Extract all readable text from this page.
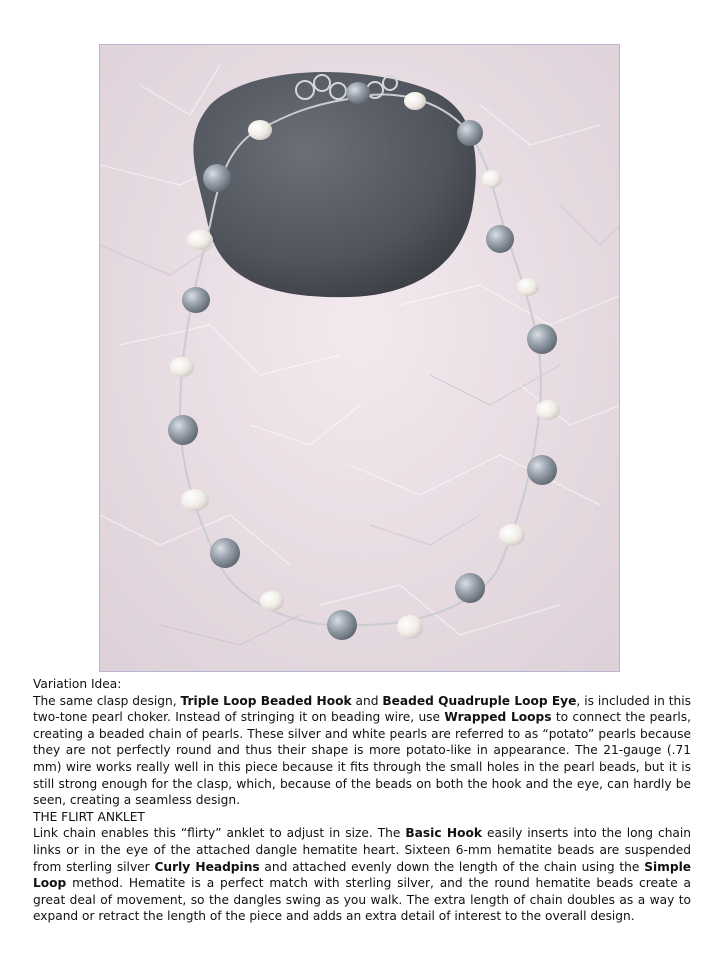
Variation Idea:

The same clasp design, Triple Loop Beaded Hook and Beaded Quadruple Loop Eye, is included in this two-tone pearl choker. Instead of stringing it on beading wire, use Wrapped Loops to connect the pearls, creating a beaded chain of pearls. These silver and white pearls are referred to as “potato” pearls because they are not perfectly round and thus their shape is more potato-like in appearance. The 21-gauge (.71 mm) wire works really well in this piece because it fits through the small holes in the pearl beads, but it is still strong enough for the clasp, which, because of the beads on both the hook and the eye, can hardly be seen, creating a seamless design.

THE FLIRT ANKLET

Link chain enables this “flirty” anklet to adjust in size. The Basic Hook easily inserts into the long chain links or in the eye of the attached dangle hematite heart. Sixteen 6-mm hematite beads are suspended from sterling silver Curly Headpins and attached evenly down the length of the chain using the Simple Loop method. Hematite is a perfect match with sterling silver, and the round hematite beads create a great deal of movement, so the dangles swing as you walk. The extra length of chain doubles as a way to expand or retract the length of the piece and adds an extra detail of interest to the overall design.
